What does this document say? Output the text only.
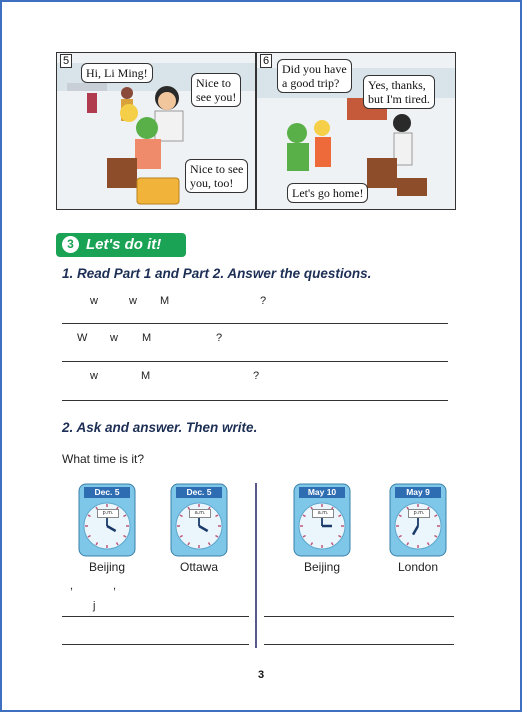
5
Hi, Li Ming!
Nice to
see you!
Nice to see
you, too!
6
Did you have
a good trip?	Yes, thanks,
but I'm tired.
Let's go home!
3 Let's do it!
1. Read Part 1 and Part 2. Answer the questions.
w	w M	?
W w M	?
w	M	?
2. Ask and answer. Then write.
What time is it?
Dec. 5
p.m.
Beijing
Dec. 5
a.m.
Ottawa
May 10
a.m.
Beijing
May 9
p.m.
London
,	,
j
3
